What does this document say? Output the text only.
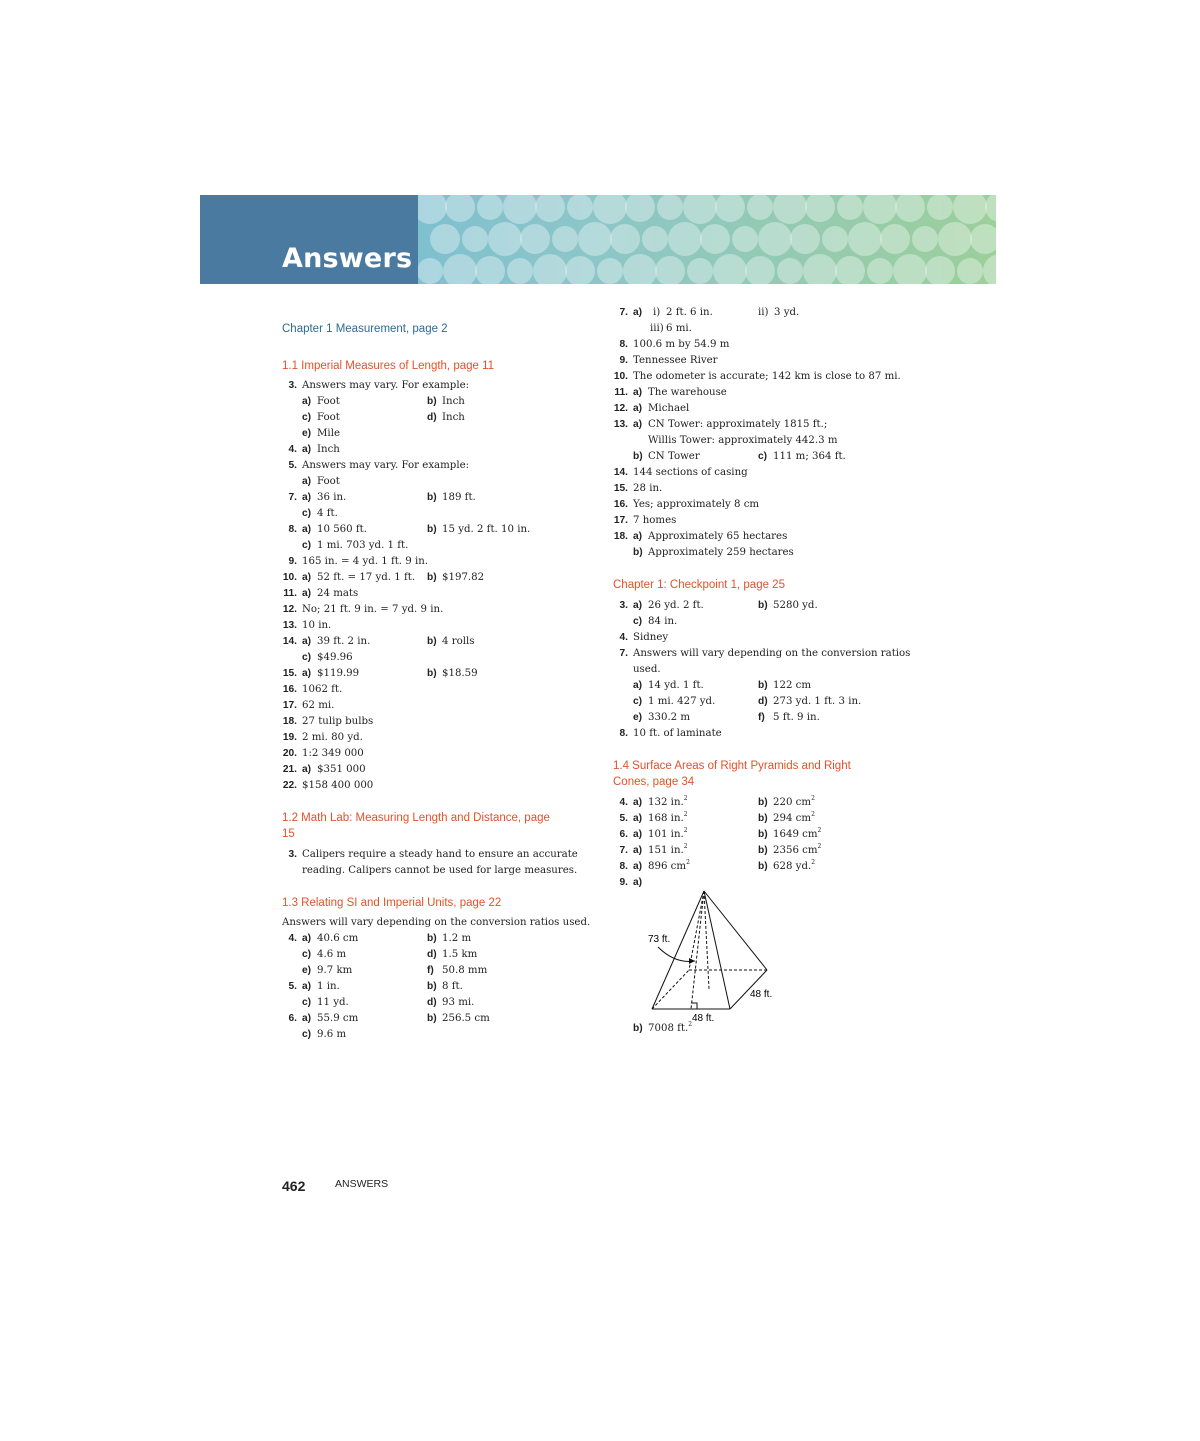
Answers

Chapter 1 Measurement, page 2

1.1 Imperial Measures of Length, page 11

3. Answers may vary. For example:
a) Foot	b) Inch
c) Foot	d) Inch
e) Mile
4. a) Inch
5. Answers may vary. For example:
a) Foot
7. a) 36 in.	b) 189 ft.
c) 4 ft.
8. a) 10 560 ft.	b) 15 yd. 2 ft. 10 in.
c) 1 mi. 703 yd. 1 ft.
9. 165 in. = 4 yd. 1 ft. 9 in.
10. a) 52 ft. = 17 yd. 1 ft. b) $197.82
11. a) 24 mats
12. No; 21 ft. 9 in. = 7 yd. 9 in.
13. 10 in.
14. a) 39 ft. 2 in.	b) 4 rolls
c) $49.96
15. a) $119.99	b) $18.59
16. 1062 ft.
17. 62 mi.
18. 27 tulip bulbs
19. 2 mi. 80 yd.
20. 1:2 349 000
21. a) $351 000
22. $158 400 000

1.2 Math Lab: Measuring Length and Distance, page

15

3. Calipers require a steady hand to ensure an accurate
reading. Calipers cannot be used for large measures.

1.3 Relating SI and Imperial Units, page 22

Answers will vary depending on the conversion ratios used.
4. a) 40.6 cm	b) 1.2 m
c) 4.6 m	d) 1.5 km
e) 9.7 km	f) 50.8 mm
5. a) 1 in.	b) 8 ft.
c) 11 yd.	d) 93 mi.
6. a) 55.9 cm	b) 256.5 cm
c) 9.6 m
7. a) i) 2 ft. 6 in.	ii) 3 yd.
iii) 6 mi.
8. 100.6 m by 54.9 m
9. Tennessee River
10. The odometer is accurate; 142 km is close to 87 mi.
11. a) The warehouse
12. a) Michael
13. a) CN Tower: approximately 1815 ft.;
Willis Tower: approximately 442.3 m
b) CN Tower	c) 111 m; 364 ft.
14. 144 sections of casing
15. 28 in.
16. Yes; approximately 8 cm
17. 7 homes
18. a) Approximately 65 hectares
b) Approximately 259 hectares

Chapter 1: Checkpoint 1, page 25

3. a) 26 yd. 2 ft.	b) 5280 yd.
c) 84 in.
4. Sidney
7. Answers will vary depending on the conversion ratios
used.
a) 14 yd. 1 ft.	b) 122 cm
c) 1 mi. 427 yd.	d) 273 yd. 1 ft. 3 in.
e) 330.2 m	f) 5 ft. 9 in.
8. 10 ft. of laminate

1.4 Surface Areas of Right Pyramids and Right

Cones, page 34

4. a) 132 in.$^2$	b) 220 $cm^2$
5. a) 168 in.$^2$	b) 294 $cm^2$
6. a) 101 in.$^2$	b) 1649 $cm^2$
7. a) 151 in.$^2$	b) 2356 $cm^2$
8. a) 896 $cm^2$	b) 628 yd.$^2$
9. a)
b) 7008 ft.$^2$
73 ft.
48 ft.
48 ft.
462	ANSWERS
